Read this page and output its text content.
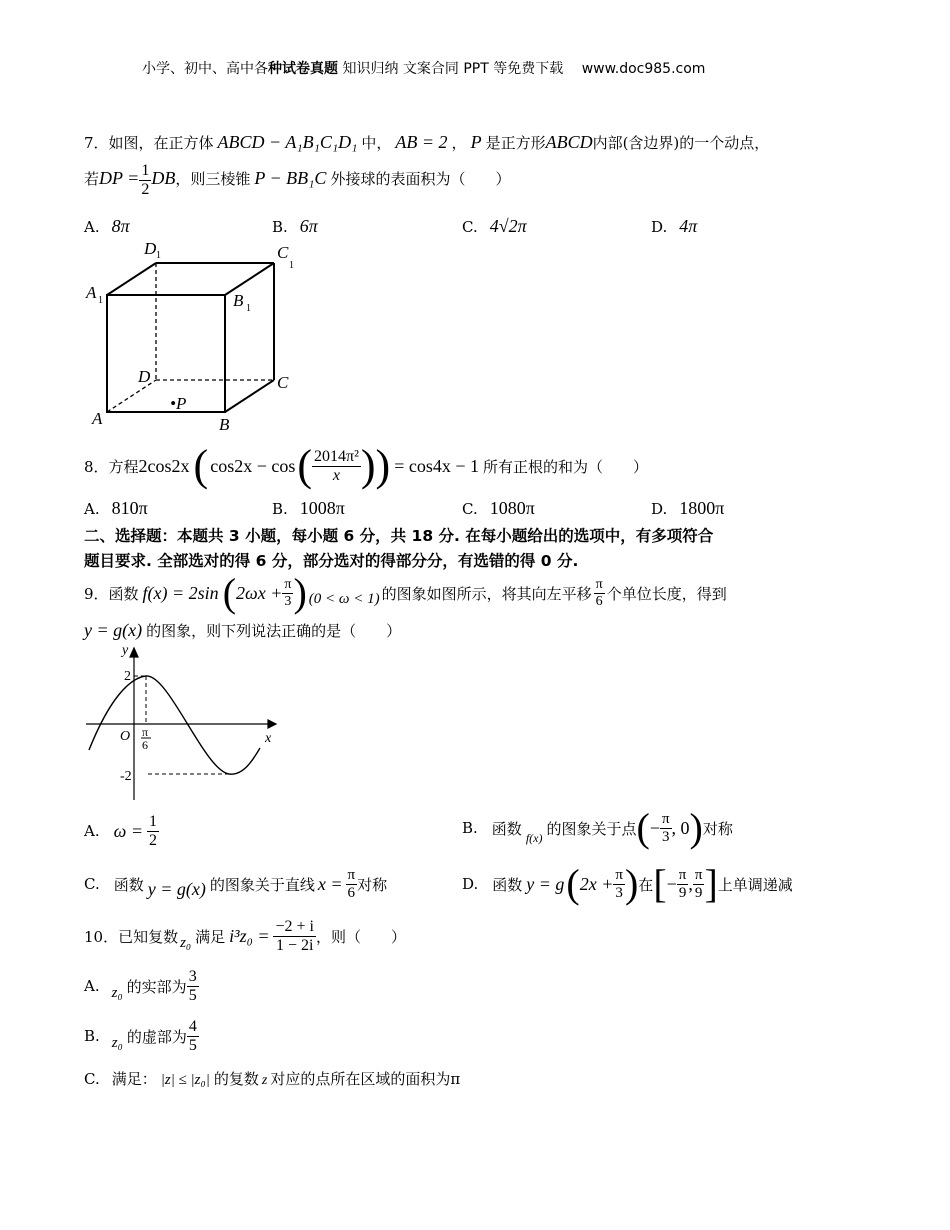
小学、初中、高中各种试卷真题 知识归纳 文案合同 PPT 等免费下载 www.doc985.com
7．如图，在正方体 ABCD − A₁B₁C₁D₁ 中， AB = 2 ， P 是正方形ABCD内部(含边界)的一个动点，
若DP = $\frac{1}{2}$ DB，则三棱锥 P − BB₁C 外接球的表面积为（　　）
A. 8π	B. 6π	C. 4√2π	D. 4π
D 1	C
1
A 1	B 1
D	C
A	B
•P
8．方程 2cos2x ( cos2x − cos ( $\frac{\text{2014π²}}{x}$ )) = cos4x − 1 所有正根的和为（　　）
A. 810π	B. 1008π	C. 1080π	D. 1800π
二、选择题：本题共 3 小题，每小题 6 分，共 18 分. 在每小题给出的选项中，有多项符合
题目要求. 全部选对的得 6 分，部分选对的得部分分，有选错的得 0 分.
9．函数 f(x) = 2sin ( $2\omega x + \frac{\pi}{3}$ ) (0 < ω < 1) 的图象如图所示，将其向左平移 $\frac{\pi}{6}$ 个单位长度，得到
y = g(x) 的图象，则下列说法正确的是（　　）
y
x
O
2
-2
π
6
A. $\omega = \frac{1}{2}$	B. 函数 f(x) 的图象关于点 ( − $\frac{\pi}{3}$ , 0 ) 对称
C. 函数 y = g(x) 的图象关于直线 $x = \frac{\pi}{6}$ 对称	D. 函数 y = g ( $2x + \frac{\pi}{3}$ ) 在 [ − $\frac{\pi}{9}$ , $\frac{\pi}{9}$ ] 上单调递减
10．已知复数 z₀ 满足 $i^3z_0 = \frac{-2 + i}{1 - 2i}$ ，则（　　）
A. z₀ 的实部为 $\frac{3}{5}$
B. z₀ 的虚部为 $\frac{4}{5}$
C. 满足： |z| ≤ |z₀| 的复数 z 对应的点所在区域的面积为π
